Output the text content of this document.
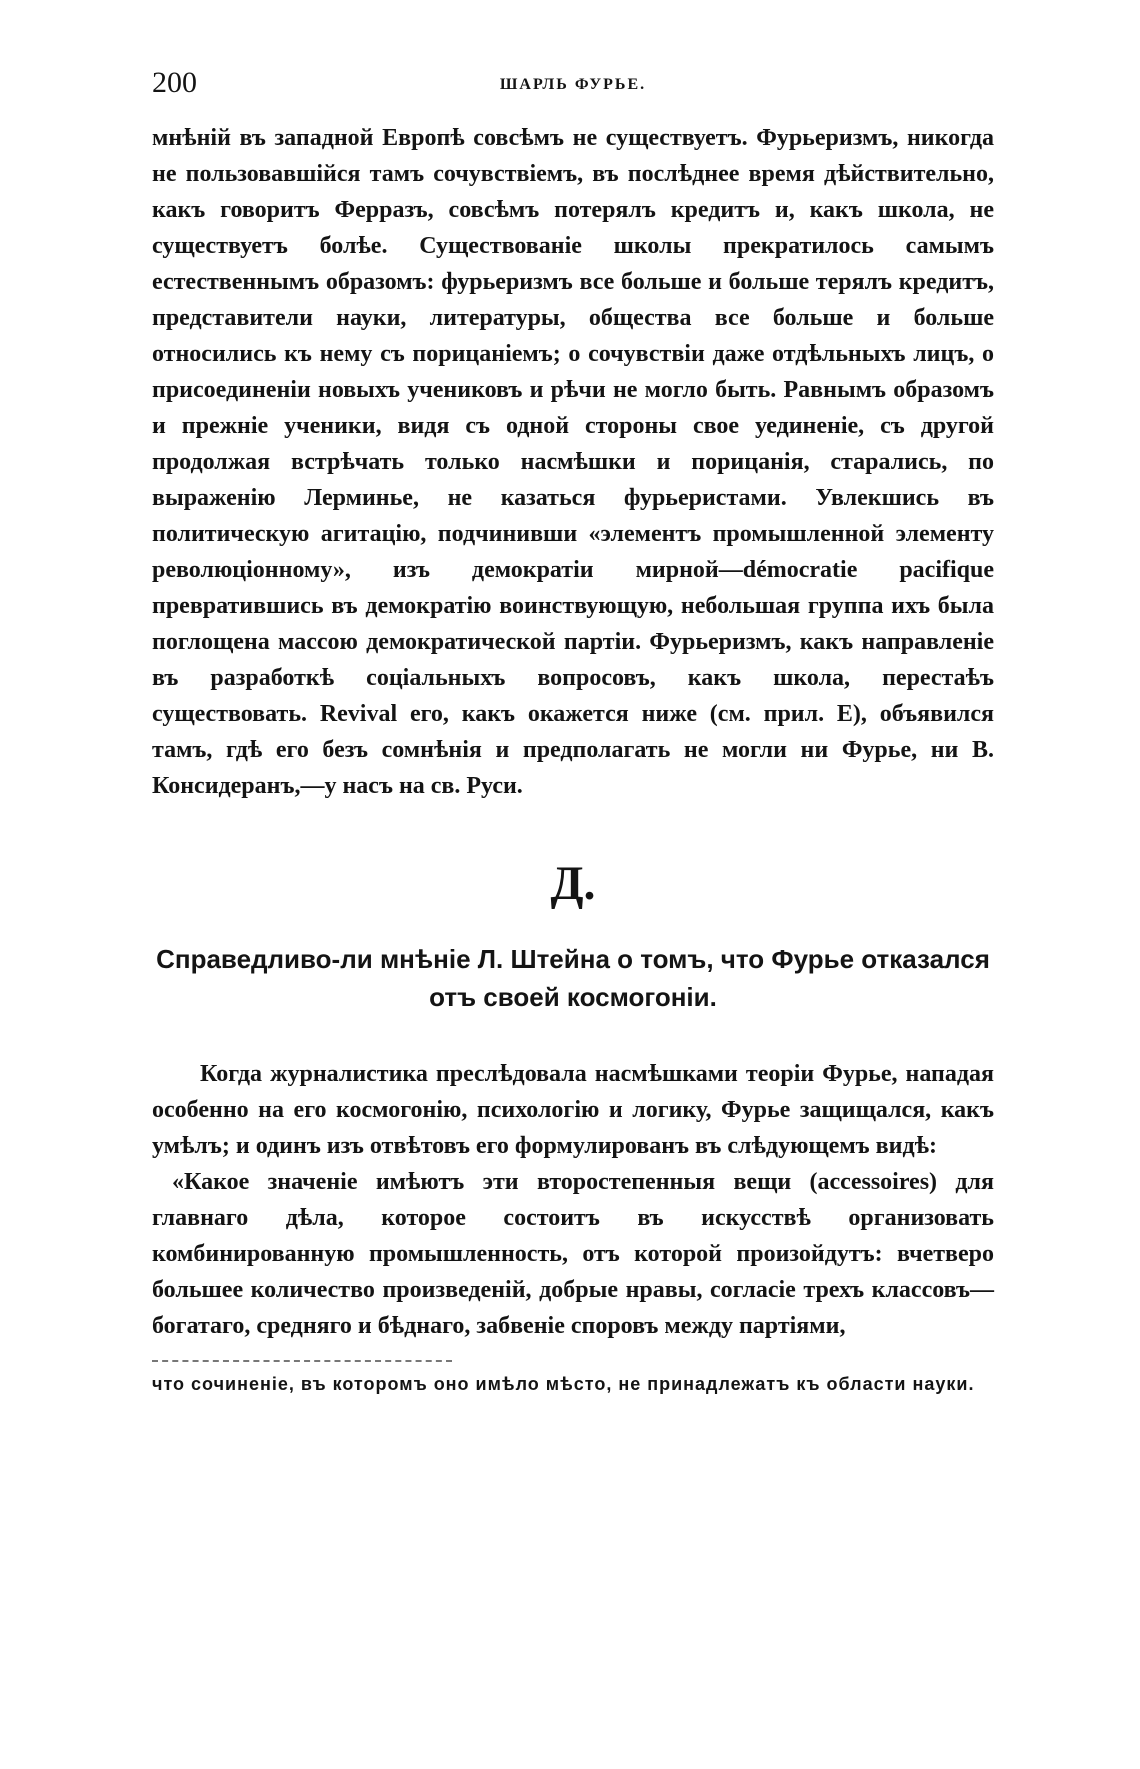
200	ШАРЛЬ ФУРЬЕ.

мнѣній въ западной Европѣ совсѣмъ не существуетъ. Фурьеризмъ, никогда не пользовавшійся тамъ сочувствіемъ, въ послѣднее время дѣйствительно, какъ говоритъ Ферразъ, совсѣмъ потерялъ кредитъ и, какъ школа, не существуетъ болѣе. Существованіе школы прекратилось самымъ естественнымъ образомъ: фурьеризмъ все больше и больше терялъ кредитъ, представители науки, литературы, общества все больше и больше относились къ нему съ порицаніемъ; о сочувствіи даже отдѣльныхъ лицъ, о присоединеніи новыхъ учениковъ и рѣчи не могло быть. Равнымъ образомъ и прежніе ученики, видя съ одной стороны свое уединеніе, съ другой продолжая встрѣчать только насмѣшки и порицанія, старались, по выраженію Лерминье, не казаться фурьеристами. Увлекшись въ политическую агитацію, подчинивши «элементъ промышленной элементу революціонному», изъ демократіи мирной—démocratie pacifique превратившись въ демократію воинствующую, небольшая группа ихъ была поглощена массою демократической партіи. Фурьеризмъ, какъ направленіе въ разработкѣ соціальныхъ вопросовъ, какъ школа, перестаѣъ существовать. Revival его, какъ окажется ниже (см. прил. Е), объявился тамъ, гдѣ его безъ сомнѣнія и предполагать не могли ни Фурье, ни В. Консидеранъ,—у насъ на св. Руси.

Д.
Справедливо-ли мнѣніе Л. Штейна о томъ, что Фурье отказался отъ своей космогоніи.

Когда журналистика преслѣдовала насмѣшками теоріи Фурье, нападая особенно на его космогонію, психологію и логику, Фурье защищался, какъ умѣлъ; и одинъ изъ отвѣтовъ его формулированъ въ слѣдующемъ видѣ:

«Какое значеніе имѣютъ эти второстепенныя вещи (accessoires) для главнаго дѣла, которое состоитъ въ искусствѣ организовать комбинированную промышленность, отъ которой произойдутъ: вчетверо большее количество произведеній, добрые нравы, согласіе трехъ классовъ—богатаго, средняго и бѣднаго, забвеніе споровъ между партіями,

что сочиненіе, въ которомъ оно имѣло мѣсто, не принадлежатъ къ области науки.
